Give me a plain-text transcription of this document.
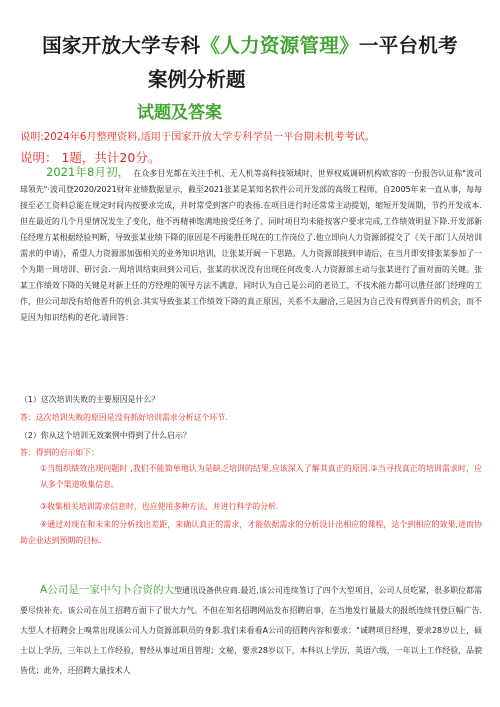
国家开放大学专科《人力资源管理》一平台机考
案例分析题
试题及答案
说明:2024年6月整理资料,适用于国家开放大学专科学员一平台期末机考考试。
说明： 1题，共计20分。
2021年8月初， 在众多目光都在关注手机、无人机等高科技领域时，世界权威调研机构欧容的一份报告认证称"波司球领先"·波司登2020/2021财年业绩数据显示，截至2021张某是某知名软件公司开发部的高级工程师，自2005年来一直从事，每每接至必工资料总能在规定时间内按要求完成，并时常受到客户的表扬.在项目进行时还常常主动提划，缩短开发周期，节约开发成本.但在最近的几个月里情况发生了变化，他不再精神饱满地接受任务了，同时项目均未能按客户要求完成,工作绩效明显下降.开发部新任经理方某根据经验判断，导致张某业绩下降的原因是不再能胜任现在的工作岗位了.他立即向人力资源部提交了《关于部门人员培训需求的申请》，希望人力资源部加强相关的业务知识培训，让张某开阔一下思路。人力资源部接到申请后，在当月即安排张某参加了一个为期一周培训、研讨会.一周培训结束回到公司后，张某的状况没有出现任何改变.人力资源部主动与张某进行了面对面的关键。张某工作绩效下降的关键是对新上任的方经理的领导方法不满意，同时认为自己是公司的老员工，不技术能力都可以胜任部门经理的工作，但公司却没有给他晋升的机会.其实导致张某工作绩效下降的真正原因，关系不太融洽,三是因为自己没有得到晋升的机会，而不是因为知识结构的老化.请回答：
（1）这次培训失败的主要原因是什么？
答：这次培训失败的原因是没有抓好培训需求分析这个环节.
（2）你从这个培训无效案例中得到了什么启示？
答：得到的启示如下：
①当组织绩效出现问题时 ,我们不能简单地认为是缺乏培训的结果,应该深入了解其真正的原因.②当寻找真正的培训需求时，应从多个渠道收集信息。
③收集相关培训需求信息时，也应使用多种方法，并进行科学的分析.
④通过对现在和未来的分析找出差距，来确认真正的需求，才能依据需求的分析设计出相应的课程，达个到相应的效果,进而协助企业达到预期的目标.
A公司是一家中勺卜合资的大型通讯设备供应商.最近,该公司连续签订了四个大型项目，公司人员吃紧，很多职位都需要尽快补充。该公司在员工招聘方面下了很大力气。不但在知名招聘网站发布招聘启事，在当地发行量最大的报纸连续刊登巨幅广告.大型人才招聘会上嗅常出现该公司人力资源部职员的身影.我们来看看A公司的招聘内容和要求："诚聘项目经理，要求28岁以上，硕士以上学历，三年以上工作经验，曾经从事过项目管理；文秘，要求28岁以下，本科以上学历，英语六级，一年以上工作经验，品貌皆优；此外，还招聘大量技术人
